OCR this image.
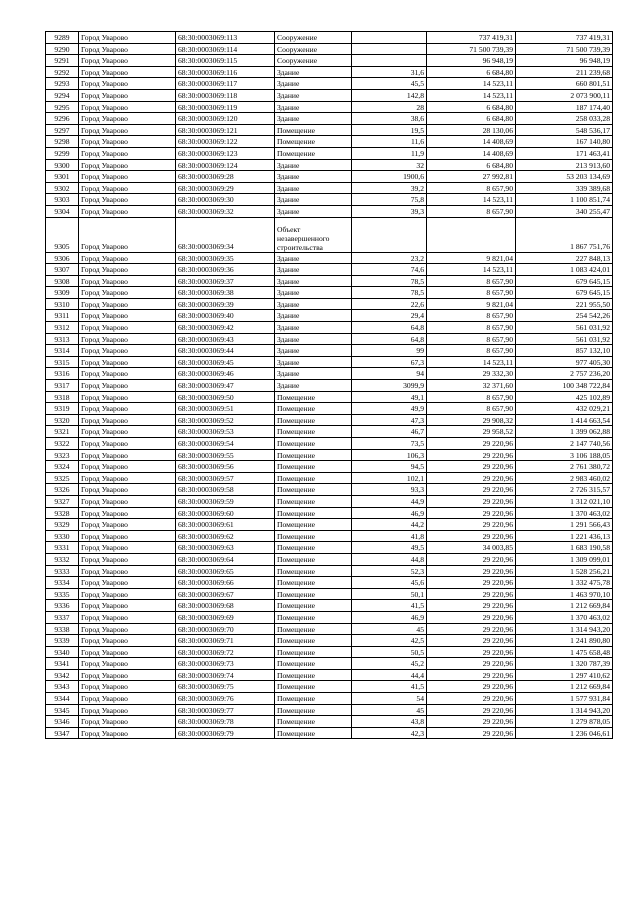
9289	Город Уварово	68:30:0003069:113	Сооружение		737 419,31	737 419,31
9290	Город Уварово	68:30:0003069:114	Сооружение		71 500 739,39	71 500 739,39
9291	Город Уварово	68:30:0003069:115	Сооружение		96 948,19	96 948,19
9292	Город Уварово	68:30:0003069:116	Здание	31,6	6 684,80	211 239,68
9293	Город Уварово	68:30:0003069:117	Здание	45,5	14 523,11	660 801,51
9294	Город Уварово	68:30:0003069:118	Здание	142,8	14 523,11	2 073 900,11
9295	Город Уварово	68:30:0003069:119	Здание	28	6 684,80	187 174,40
9296	Город Уварово	68:30:0003069:120	Здание	38,6	6 684,80	258 033,28
9297	Город Уварово	68:30:0003069:121	Помещение	19,5	28 130,06	548 536,17
9298	Город Уварово	68:30:0003069:122	Помещение	11,6	14 408,69	167 140,80
9299	Город Уварово	68:30:0003069:123	Помещение	11,9	14 408,69	171 463,41
9300	Город Уварово	68:30:0003069:124	Здание	32	6 684,80	213 913,60
9301	Город Уварово	68:30:0003069:28	Здание	1900,6	27 992,81	53 203 134,69
9302	Город Уварово	68:30:0003069:29	Здание	39,2	8 657,90	339 389,68
9303	Город Уварово	68:30:0003069:30	Здание	75,8	14 523,11	1 100 851,74
9304	Город Уварово	68:30:0003069:32	Здание	39,3	8 657,90	340 255,47
9305	Город Уварово	68:30:0003069:34	Объект незавершенного строительства			1 867 751,76
9306	Город Уварово	68:30:0003069:35	Здание	23,2	9 821,04	227 848,13
9307	Город Уварово	68:30:0003069:36	Здание	74,6	14 523,11	1 083 424,01
9308	Город Уварово	68:30:0003069:37	Здание	78,5	8 657,90	679 645,15
9309	Город Уварово	68:30:0003069:38	Здание	78,5	8 657,90	679 645,15
9310	Город Уварово	68:30:0003069:39	Здание	22,6	9 821,04	221 955,50
9311	Город Уварово	68:30:0003069:40	Здание	29,4	8 657,90	254 542,26
9312	Город Уварово	68:30:0003069:42	Здание	64,8	8 657,90	561 031,92
9313	Город Уварово	68:30:0003069:43	Здание	64,8	8 657,90	561 031,92
9314	Город Уварово	68:30:0003069:44	Здание	99	8 657,90	857 132,10
9315	Город Уварово	68:30:0003069:45	Здание	67,3	14 523,11	977 405,30
9316	Город Уварово	68:30:0003069:46	Здание	94	29 332,30	2 757 236,20
9317	Город Уварово	68:30:0003069:47	Здание	3099,9	32 371,60	100 348 722,84
9318	Город Уварово	68:30:0003069:50	Помещение	49,1	8 657,90	425 102,89
9319	Город Уварово	68:30:0003069:51	Помещение	49,9	8 657,90	432 029,21
9320	Город Уварово	68:30:0003069:52	Помещение	47,3	29 908,32	1 414 663,54
9321	Город Уварово	68:30:0003069:53	Помещение	46,7	29 958,52	1 399 062,88
9322	Город Уварово	68:30:0003069:54	Помещение	73,5	29 220,96	2 147 740,56
9323	Город Уварово	68:30:0003069:55	Помещение	106,3	29 220,96	3 106 188,05
9324	Город Уварово	68:30:0003069:56	Помещение	94,5	29 220,96	2 761 380,72
9325	Город Уварово	68:30:0003069:57	Помещение	102,1	29 220,96	2 983 460,02
9326	Город Уварово	68:30:0003069:58	Помещение	93,3	29 220,96	2 726 315,57
9327	Город Уварово	68:30:0003069:59	Помещение	44,9	29 220,96	1 312 021,10
9328	Город Уварово	68:30:0003069:60	Помещение	46,9	29 220,96	1 370 463,02
9329	Город Уварово	68:30:0003069:61	Помещение	44,2	29 220,96	1 291 566,43
9330	Город Уварово	68:30:0003069:62	Помещение	41,8	29 220,96	1 221 436,13
9331	Город Уварово	68:30:0003069:63	Помещение	49,5	34 003,85	1 683 190,58
9332	Город Уварово	68:30:0003069:64	Помещение	44,8	29 220,96	1 309 099,01
9333	Город Уварово	68:30:0003069:65	Помещение	52,3	29 220,96	1 528 256,21
9334	Город Уварово	68:30:0003069:66	Помещение	45,6	29 220,96	1 332 475,78
9335	Город Уварово	68:30:0003069:67	Помещение	50,1	29 220,96	1 463 970,10
9336	Город Уварово	68:30:0003069:68	Помещение	41,5	29 220,96	1 212 669,84
9337	Город Уварово	68:30:0003069:69	Помещение	46,9	29 220,96	1 370 463,02
9338	Город Уварово	68:30:0003069:70	Помещение	45	29 220,96	1 314 943,20
9339	Город Уварово	68:30:0003069:71	Помещение	42,5	29 220,96	1 241 890,80
9340	Город Уварово	68:30:0003069:72	Помещение	50,5	29 220,96	1 475 658,48
9341	Город Уварово	68:30:0003069:73	Помещение	45,2	29 220,96	1 320 787,39
9342	Город Уварово	68:30:0003069:74	Помещение	44,4	29 220,96	1 297 410,62
9343	Город Уварово	68:30:0003069:75	Помещение	41,5	29 220,96	1 212 669,84
9344	Город Уварово	68:30:0003069:76	Помещение	54	29 220,96	1 577 931,84
9345	Город Уварово	68:30:0003069:77	Помещение	45	29 220,96	1 314 943,20
9346	Город Уварово	68:30:0003069:78	Помещение	43,8	29 220,96	1 279 878,05
9347	Город Уварово	68:30:0003069:79	Помещение	42,3	29 220,96	1 236 046,61
